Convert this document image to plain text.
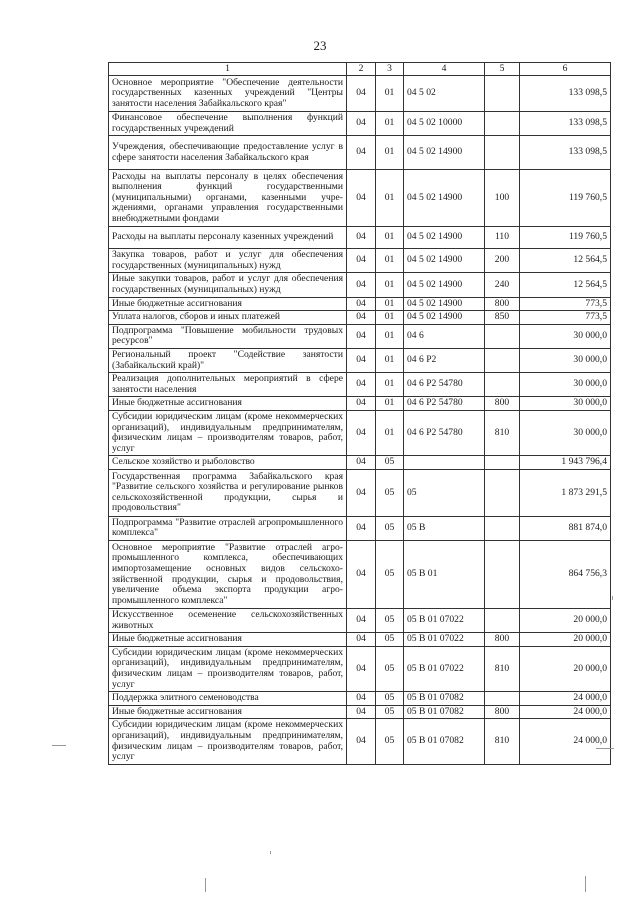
23
1	2	3	4	5	6
Основное мероприятие "Обеспечение деятельности государственных казенных учреждений "Центры занятости населения Забайкальского края"	04	01	04 5 02		133 098,5
Финансовое обеспечение выполнения функций государственных учреждений	04	01	04 5 02 10000		133 098,5
Учреждения, обеспечивающие предоставление услуг в сфере занятости населения Забайкальского края	04	01	04 5 02 14900		133 098,5
Расходы на выплаты персоналу в целях обеспечения выполнения функций государственными (муниципальными) органами, казенными учреждениями, органами управления государственными внебюджетными фондами	04	01	04 5 02 14900	100	119 760,5
Расходы на выплаты персоналу казенных учреждений	04	01	04 5 02 14900	110	119 760,5
Закупка товаров, работ и услуг для обеспечения государственных (муниципальных) нужд	04	01	04 5 02 14900	200	12 564,5
Иные закупки товаров, работ и услуг для обеспечения государственных (муниципальных) нужд	04	01	04 5 02 14900	240	12 564,5
Иные бюджетные ассигнования	04	01	04 5 02 14900	800	773,5
Уплата налогов, сборов и иных платежей	04	01	04 5 02 14900	850	773,5
Подпрограмма "Повышение мобильности трудовых ресурсов"	04	01	04 6		30 000,0
Региональный проект "Содействие занятости (Забайкальский край)"	04	01	04 6 P2		30 000,0
Реализация дополнительных мероприятий в сфере занятости населения	04	01	04 6 P2 54780		30 000,0
Иные бюджетные ассигнования	04	01	04 6 P2 54780	800	30 000,0
Субсидии юридическим лицам (кроме некоммерческих организаций), индивидуальным предпринимателям, физическим лицам – производителям товаров, работ, услуг	04	01	04 6 P2 54780	810	30 000,0
Сельское хозяйство и рыболовство	04	05			1 943 796,4
Государственная программа Забайкальского края "Развитие сельского хозяйства и регулирование рынков сельскохозяйственной продукции, сырья и продовольствия"	04	05	05		1 873 291,5
Подпрограмма "Развитие отраслей агропромышленного комплекса"	04	05	05 В		881 874,0
Основное мероприятие "Развитие отраслей агропромышленного комплекса, обеспечивающих импортозамещение основных видов сельскохозяйственной продукции, сырья и продовольствия, увеличение объема экспорта продукции агропромышленного комплекса"	04	05	05 В 01		864 756,3
Искусственное осеменение сельскохозяйственных животных	04	05	05 В 01 07022		20 000,0
Иные бюджетные ассигнования	04	05	05 В 01 07022	800	20 000,0
Субсидии юридическим лицам (кроме некоммерческих организаций), индивидуальным предпринимателям, физическим лицам – производителям товаров, работ, услуг	04	05	05 В 01 07022	810	20 000,0
Поддержка элитного семеноводства	04	05	05 В 01 07082		24 000,0
Иные бюджетные ассигнования	04	05	05 В 01 07082	800	24 000,0
Субсидии юридическим лицам (кроме некоммерческих организаций), индивидуальным предпринимателям, физическим лицам – производителям товаров, работ, услуг	04	05	05 В 01 07082	810	24 000,0
